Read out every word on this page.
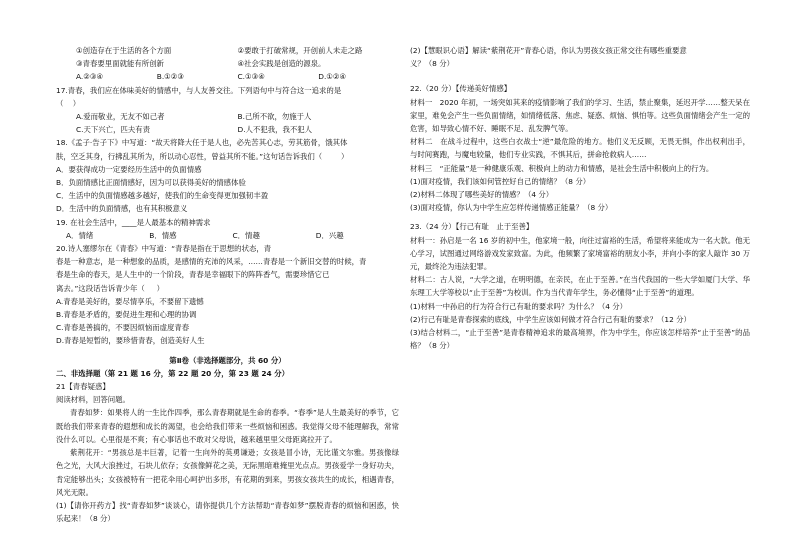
①创造存在于生活的各个方面	②要敢于打破常规，开创前人未走之路
③青春要里面就能有所创新	④社会实践是创造的源泉。
A.②③④	B.①②③	C.①③④	D.①②④
17.青春，我们应在体味美好的情感中，与人友善交往。下列语句中与符合这一追求的是
（    ）
A.爱而敬业，无友不如己者	B.己所不欲，勿施于人
C.天下兴亡，匹夫有责	D.人不犯我，我不犯人
18.《孟子·告子下》中写道：“故天将降大任于是人也，必先苦其心志，劳其筋骨，饿其体
肤，空乏其身，行拂乱其所为，所以动心忍性，曾益其所不能。”这句话告诉我们（        ）
A．要获得成功一定要经历生活中的负面情感
B．负面情感比正面情感好，因为可以获得美好的情感体验
C．生活中的负面情感越多越好，使我们的生命变得更加强韧丰盈
D．生活中的负面情感，也有其积极意义
19. 在社会生活中，____是人最基本的精神需求
A．情绪	B．情感	C．情趣	D．兴趣
20.诗人塞缪尔在《青春》中写道：“青春是指在于思想的状态，青
春是一种意志，是一种想象的品质，是感情的充沛的风采，……青春是一个新旧交替的时候，青
春是生命的春天，是人生中的一个阶段，青春是幸福眼下的阵阵香气，需要珍惜它已
离去。”这段话告诉青少年（     ）
A.青春是美好的，要尽情享乐，不要留下遗憾
B.青春是矛盾的，要促进生理和心理的协调
C.青春是善搞的，不要因烦恼而虚度青春
D.青春是短暂的，要珍惜青春，创造美好人生
第Ⅱ卷（非选择题部分，共 60 分）
二、非选择题（第 21 题 16 分，第 22 题 20 分，第 23 题 24 分）
21【青春疑惑】
阅读材料，回答问题。
青春如梦：如果将人的一生比作四季，那么青春期就是生命的春季。“春季”是人生最美好的季节，它既给我们带来青春的遐想和成长的渴望，也会给我们带来一些烦恼和困惑。我觉得父母不能理解我，常常没什么可以。心里很是不爽；有心事话也不敢对父母说，越来越里里父母距离拉开了。
紫荆花开：“男孩总是丰巨著，记着一生向外的英勇谦逊；女孩是冒小诗，无比谨文尔雅。男孩像绿色之光，大风大浪挫过，石块儿依存；女孩像鲜花之美，无际黑暗难掩里光点点。男孩爱学一身好功夫，肯定能够出头；女孩被特有一把花伞用心呵护出多形，有花期的到来，男孩女孩共生的成长，相遇青春，风光无限。
(1)【请你开药方】找“青春如梦”谈谈心，请你提供几个方法帮助“青春如梦”摆脱青春的烦恼和困惑，快乐起来！（8 分）
(2)【慧眼识心语】解读“紫荆花开”青春心语，你认为男孩女孩正常交往有哪些重要意
义？（8 分）
22.（20 分）【传递美好情感】
材料一　2020 年初，一场突如其来的疫情影响了我们的学习、生活，禁止聚集，延迟开学……整天呆在家里，难免会产生一些负面情绪，如情绪低落、焦虑、疑惑、烦恼、惧怕等。这些负面情绪会产生一定的危害，如导致心情不好、睡眠不足、乱发脾气等。
材料二　在战斗过程中，这些白衣战士“逆”最危险的地方。他们义无反顾，无畏无惧，作出权利出手，与时间赛跑，与魔电较量，他们专业实践，不惧其后，拼命抢救病人……
材料三　“正能量”是一种健康乐观、积极向上的动力和情感，是社会生活中积极向上的行为。
(1)面对疫情，我们该如何管控好自己的情绪？（8 分）
(2)材料二体现了哪些美好的情感？（4 分）
(3)面对疫情，你认为中学生应怎样传递情感正能量？（8 分）
23.（24 分）【行己有耻　止于至善】
材料一：孙启是一名 16 岁的初中生，他家境一般，向往过富裕的生活，希望将来能成为一名大款。他无心学习，试图通过网络游戏发家致富。为此，他频繁了家境富裕的朋友小李，并向小李的家人敲诈 30 万元，最终沦为违法犯罪。
材料二：古人说，“大学之道，在明明德，在亲民，在止于至善。”在当代我国的一些大学如厦门大学、华东理工大学等校以“止于至善”为校训。作为当代青年学生，务必懂得“止于至善”的道理。
(1)材料一中孙启的行为符合行己有耻的要求吗？为什么？（4 分）
(2)行己有耻是青春探索的底线，中学生应该如何做才符合行己有耻的要求？（12 分）
(3)结合材料二，“止于至善”是青春精神追求的最高境界，作为中学生，你应该怎样培养“止于至善”的品格？（8 分）
